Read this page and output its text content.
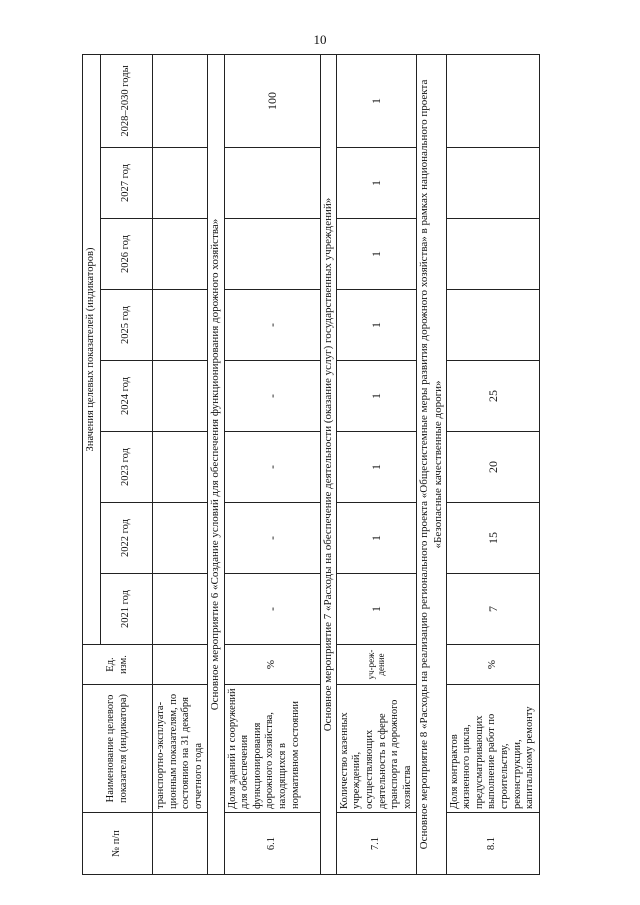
10
№ п/п	Наименование целевого показателя (индикатора)	Ед. изм.	Значения целевых показателей (индикаторов)							
			2021 год	2022 год	2023 год	2024 год	2025 год	2026 год	2027 год	2028–2030 годы
	транспортно-эксплуата-ционным показателям, по состоянию на 31 декабря отчетного года									
Основное мероприятие 6 «Создание условий для обеспечения функционирования дорожного хозяйства»										
6.1	Доля зданий и сооружений для обеспечения функционирования дорожного хозяйства, находящихся в нормативном состоянии	%	-	-	-	-	-			100
Основное мероприятие 7 «Расходы на обеспечение деятельности (оказание услуг) государственных учреждений»										
7.1	Количество казенных учреждений, осуществляющих деятельность в сфере транспорта и дорожного хозяйства	уч-реж-дение	1	1	1	1	1	1	1	1
Основное мероприятие 8 «Расходы на реализацию регионального проекта «Общесистемные меры развития дорожного хозяйства» в рамках национального проекта «Безопасные качественные дороги»										
8.1	Доля контрактов жизненного цикла, предусматривающих выполнение работ по строительству, реконструкции, капитальному ремонту	%	7	15	20	25				
